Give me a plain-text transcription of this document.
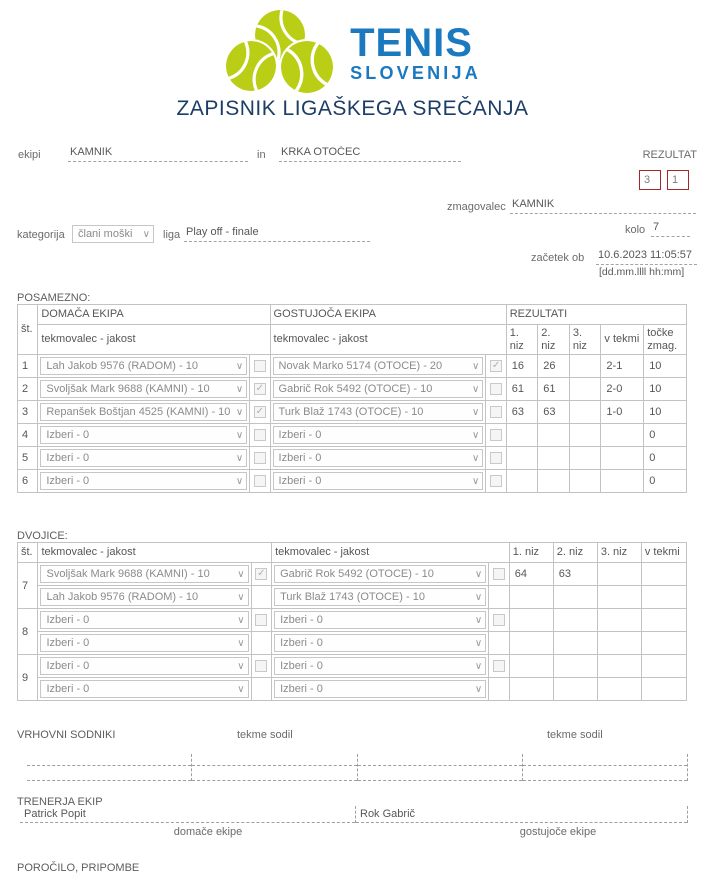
TENIS
SLOVENIJA
ZAPISNIK LIGAŠKEGA SREČANJA
ekipi	KAMNIK	in KRKA OTOČEC	REZULTAT
3	1
zmagovalec KAMNIK
kategorija	člani moški ∨ liga Play off - finale	kolo 7
začetek ob 10.6.2023 11:05:57
[dd.mm.llll hh:mm]
POSAMEZNO:
št.	DOMAČA EKIPA		GOSTUJOČA EKIPA		REZULTATI				
	tekmovalec - jakost		tekmovalec - jakost		1. niz	2. niz	3. niz	v tekmi	točke zmag.
1	Lah Jakob 9576 (RADOM) - 10 ∨		Novak Marko 5174 (OTOCE) - 20 ∨	✓	16	26		2-1	10
2	Svoljšak Mark 9688 (KAMNI) - 10 ∨	✓	Gabrič Rok 5492 (OTOCE) - 10 ∨		61	61		2-0	10
3	Repanšek Boštjan 4525 (KAMNI) - 10 ∨	✓	Turk Blaž 1743 (OTOCE) - 10 ∨		63	63		1-0	10
4	Izberi - 0 ∨		Izberi - 0 ∨						0
5	Izberi - 0 ∨		Izberi - 0 ∨						0
6	Izberi - 0 ∨		Izberi - 0 ∨						0
DVOJICE:
št.	tekmovalec - jakost		tekmovalec - jakost		1. niz	2. niz	3. niz	v tekmi
7	Svoljšak Mark 9688 (KAMNI) - 10 ∨	✓	Gabrič Rok 5492 (OTOCE) - 10 ∨		64	63		

	Lah Jakob 9576 (RADOM) - 10 ∨		Turk Blaž 1743 (OTOCE) - 10 ∨					

8	Izberi - 0 ∨		Izberi - 0 ∨					

	Izberi - 0 ∨		Izberi - 0 ∨					

9	Izberi - 0 ∨		Izberi - 0 ∨					

	Izberi - 0 ∨		Izberi - 0 ∨					

VRHOVNI SODNIKI	tekme sodil	tekme sodil
TRENERJA EKIP
Patrick Popit	Rok Gabrič
domače ekipe	gostujoče ekipe
POROČILO, PRIPOMBE
